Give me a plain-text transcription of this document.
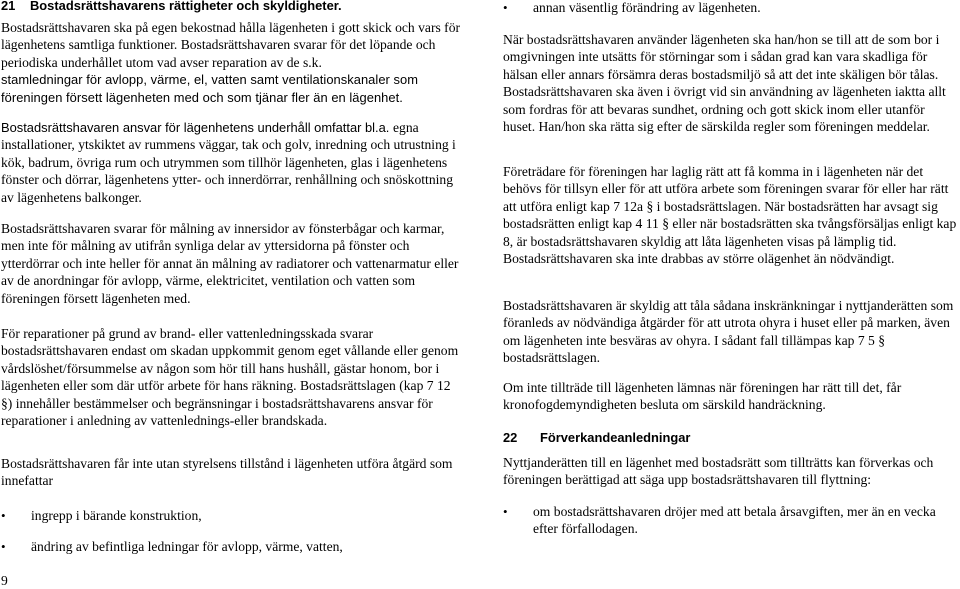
21 Bostadsrättshavarens rättigheter och skyldigheter.

Bostadsrättshavaren ska på egen bekostnad hålla lägenheten i gott skick och vars för lägenhetens samtliga funktioner. Bostadsrättshavaren svarar för det löpande och periodiska underhållet utom vad avser reparation av de s.k.

stamledningar för avlopp, värme, el, vatten samt ventilationskanaler som föreningen försett lägenheten med och som tjänar fler än en lägenhet.

Bostadsrättshavaren ansvar för lägenhetens underhåll omfattar bl.a. egna installationer, ytskiktet av rummens väggar, tak och golv, inredning och utrustning i kök, badrum, övriga rum och utrymmen som tillhör lägenheten, glas i lägenhetens fönster och dörrar, lägenhetens ytter- och innerdörrar, renhållning och snöskottning av lägenhetens balkonger.

Bostadsrättshavaren svarar för målning av innersidor av fönsterbågar och karmar, men inte för målning av utifrån synliga delar av yttersidorna på fönster och ytterdörrar och inte heller för annat än målning av radiatorer och vattenarmatur eller av de anordningar för avlopp, värme, elektricitet, ventilation och vatten som föreningen försett lägenheten med.

För reparationer på grund av brand- eller vattenledningsskada svarar bostadsrättshavaren endast om skadan uppkommit genom eget vållande eller genom vårdslöshet/försummelse av någon som hör till hans hushåll, gästar honom, bor i lägenheten eller som där utför arbete för hans räkning. Bostadsrättslagen (kap 7 12 §) innehåller bestämmelser och begränsningar i bostadsrättshavarens ansvar för reparationer i anledning av vattenlednings-eller brandskada.

Bostadsrättshavaren får inte utan styrelsens tillstånd i lägenheten utföra åtgärd som innefattar

• ingrepp i bärande konstruktion,
• ändring av befintliga ledningar för avlopp, värme, vatten,
9
• annan väsentlig förändring av lägenheten.

När bostadsrättshavaren använder lägenheten ska han/hon se till att de som bor i omgivningen inte utsätts för störningar som i sådan grad kan vara skadliga för hälsan eller annars försämra deras bostadsmiljö så att det inte skäligen bör tålas. Bostadsrättshavaren ska även i övrigt vid sin användning av lägenheten iaktta allt som fordras för att bevaras sundhet, ordning och gott skick inom eller utanför huset. Han/hon ska rätta sig efter de särskilda regler som föreningen meddelar.

Företrädare för föreningen har laglig rätt att få komma in i lägenheten när det behövs för tillsyn eller för att utföra arbete som föreningen svarar för eller har rätt att utföra enligt kap 7 12a § i bostadsrättslagen. När bostadsrätten har avsagt sig bostadsrätten enligt kap 4 11 § eller när bostadsrätten ska tvångsförsäljas enligt kap 8, är bostadsrättshavaren skyldig att låta lägenheten visas på lämplig tid. Bostadsrättshavaren ska inte drabbas av större olägenhet än nödvändigt.

Bostadsrättshavaren är skyldig att tåla sådana inskränkningar i nyttjanderätten som föranleds av nödvändiga åtgärder för att utrota ohyra i huset eller på marken, även om lägenheten inte besväras av ohyra. I sådant fall tillämpas kap 7 5 § bostadsrättslagen.

Om inte tillträde till lägenheten lämnas när föreningen har rätt till det, får kronofogdemyndigheten besluta om särskild handräckning.

22 Förverkandeanledningar

Nyttjanderätten till en lägenhet med bostadsrätt som tillträtts kan förverkas och föreningen berättigad att säga upp bostadsrättshavaren till flyttning:

• om bostadsrättshavaren dröjer med att betala årsavgiften, mer än en vecka efter förfallodagen.
